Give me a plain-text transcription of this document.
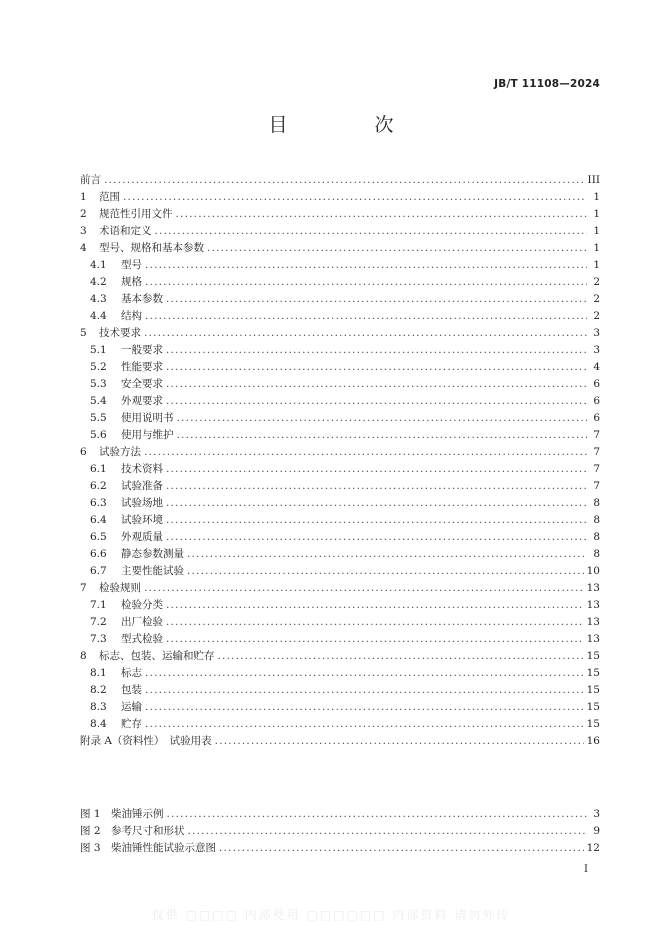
JB/T 11108—2024
目　次
前言 .....	III
1	范围 .....	1
2	规范性引用文件 .....	1
3	术语和定义 .....	1
4	型号、规格和基本参数 .....	1
4.1	型号 .....	1
4.2	规格 .....	2
4.3	基本参数 .....	2
4.4	结构 .....	2
5	技术要求 .....	3
5.1	一般要求 .....	3
5.2	性能要求 .....	4
5.3	安全要求 .....	6
5.4	外观要求 .....	6
5.5	使用说明书 .....	6
5.6	使用与维护 .....	7
6	试验方法 .....	7
6.1	技术资料 .....	7
6.2	试验准备 .....	7
6.3	试验场地 .....	8
6.4	试验环境 .....	8
6.5	外观质量 .....	8
6.6	静态参数测量 .....	8
6.7	主要性能试验 .....	10
7	检验规则 .....	13
7.1	检验分类 .....	13
7.2	出厂检验 .....	13
7.3	型式检验 .....	13
8	标志、包装、运输和贮存 .....	15
8.1	标志 .....	15
8.2	包装 .....	15
8.3	运输 .....	15
8.4	贮存 .....	15
附录 A（资料性）　试验用表 .....	16
图 1 柴油锤示例 .....	3
图 2 参考尺寸和形状 .....	9
图 3 柴油锤性能试验示意图 .....	12
I
仅供 □□□□ 内部使用 □□□□□□ 内部资料 请勿外传
